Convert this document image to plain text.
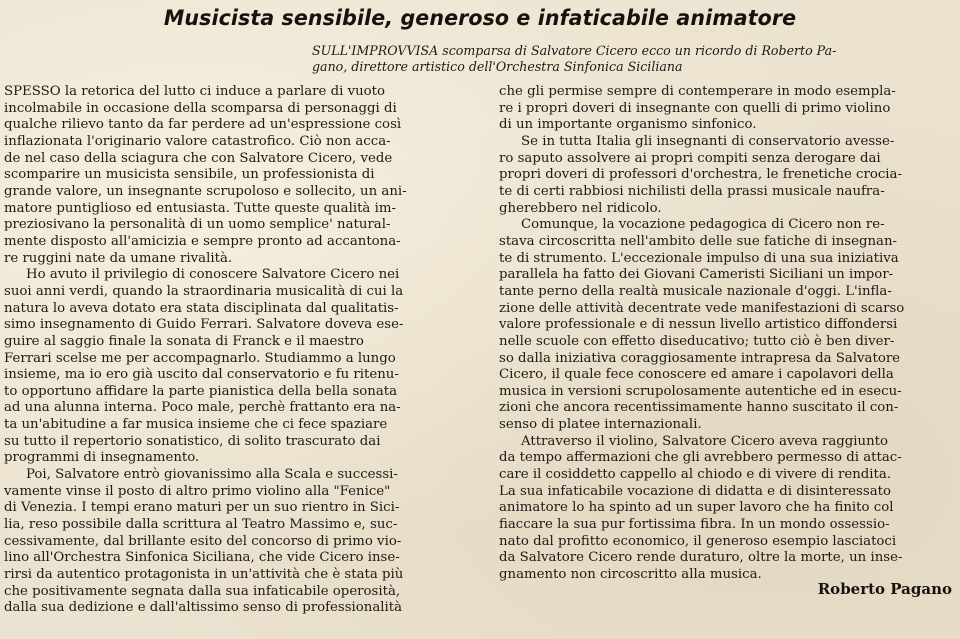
Musicista sensibile, generoso e infaticabile animatore
SULL'IMPROVVISA scomparsa di Salvatore Cicero ecco un ricordo di Roberto Pa-
gano, direttore artistico dell'Orchestra Sinfonica Siciliana
SPESSO la retorica del lutto ci induce a parlare di vuoto
incolmabile in occasione della scomparsa di personaggi di
qualche rilievo tanto da far perdere ad un'espressione così
inflazionata l'originario valore catastrofico. Ciò non acca-
de nel caso della sciagura che con Salvatore Cicero, vede
scomparire un musicista sensibile, un professionista di
grande valore, un insegnante scrupoloso e sollecito, un ani-
matore puntiglioso ed entusiasta. Tutte queste qualità im-
preziosivano la personalità di un uomo semplice' natural-
mente disposto all'amicizia e sempre pronto ad accantona-
re ruggini nate da umane rivalità.
Ho avuto il privilegio di conoscere Salvatore Cicero nei
suoi anni verdi, quando la straordinaria musicalità di cui la
natura lo aveva dotato era stata disciplinata dal qualitatis-
simo insegnamento di Guido Ferrari. Salvatore doveva ese-
guire al saggio finale la sonata di Franck e il maestro
Ferrari scelse me per accompagnarlo. Studiammo a lungo
insieme, ma io ero già uscito dal conservatorio e fu ritenu-
to opportuno affidare la parte pianistica della bella sonata
ad una alunna interna. Poco male, perchè frattanto era na-
ta un'abitudine a far musica insieme che ci fece spaziare
su tutto il repertorio sonatistico, di solito trascurato dai
programmi di insegnamento.
Poi, Salvatore entrò giovanissimo alla Scala e successi-
vamente vinse il posto di altro primo violino alla "Fenice"
di Venezia. I tempi erano maturi per un suo rientro in Sici-
lia, reso possibile dalla scrittura al Teatro Massimo e, suc-
cessivamente, dal brillante esito del concorso di primo vio-
lino all'Orchestra Sinfonica Siciliana, che vide Cicero inse-
rirsi da autentico protagonista in un'attività che è stata più
che positivamente segnata dalla sua infaticabile operosità,
dalla sua dedizione e dall'altissimo senso di professionalità
che gli permise sempre di contemperare in modo esempla-
re i propri doveri di insegnante con quelli di primo violino
di un importante organismo sinfonico.
Se in tutta Italia gli insegnanti di conservatorio avesse-
ro saputo assolvere ai propri compiti senza derogare dai
propri doveri di professori d'orchestra, le frenetiche crocia-
te di certi rabbiosi nichilisti della prassi musicale naufra-
gherebbero nel ridicolo.
Comunque, la vocazione pedagogica di Cicero non re-
stava circoscritta nell'ambito delle sue fatiche di insegnan-
te di strumento. L'eccezionale impulso di una sua iniziativa
parallela ha fatto dei Giovani Cameristi Siciliani un impor-
tante perno della realtà musicale nazionale d'oggi. L'infla-
zione delle attività decentrate vede manifestazioni di scarso
valore professionale e di nessun livello artistico diffondersi
nelle scuole con effetto diseducativo; tutto ciò è ben diver-
so dalla iniziativa coraggiosamente intrapresa da Salvatore
Cicero, il quale fece conoscere ed amare i capolavori della
musica in versioni scrupolosamente autentiche ed in esecu-
zioni che ancora recentissimamente hanno suscitato il con-
senso di platee internazionali.
Attraverso il violino, Salvatore Cicero aveva raggiunto
da tempo affermazioni che gli avrebbero permesso di attac-
care il cosiddetto cappello al chiodo e di vivere di rendita.
La sua infaticabile vocazione di didatta e di disinteressato
animatore lo ha spinto ad un super lavoro che ha finito col
fiaccare la sua pur fortissima fibra. In un mondo ossessio-
nato dal profitto economico, il generoso esempio lasciatoci
da Salvatore Cicero rende duraturo, oltre la morte, un inse-
gnamento non circoscritto alla musica.
Roberto Pagano
